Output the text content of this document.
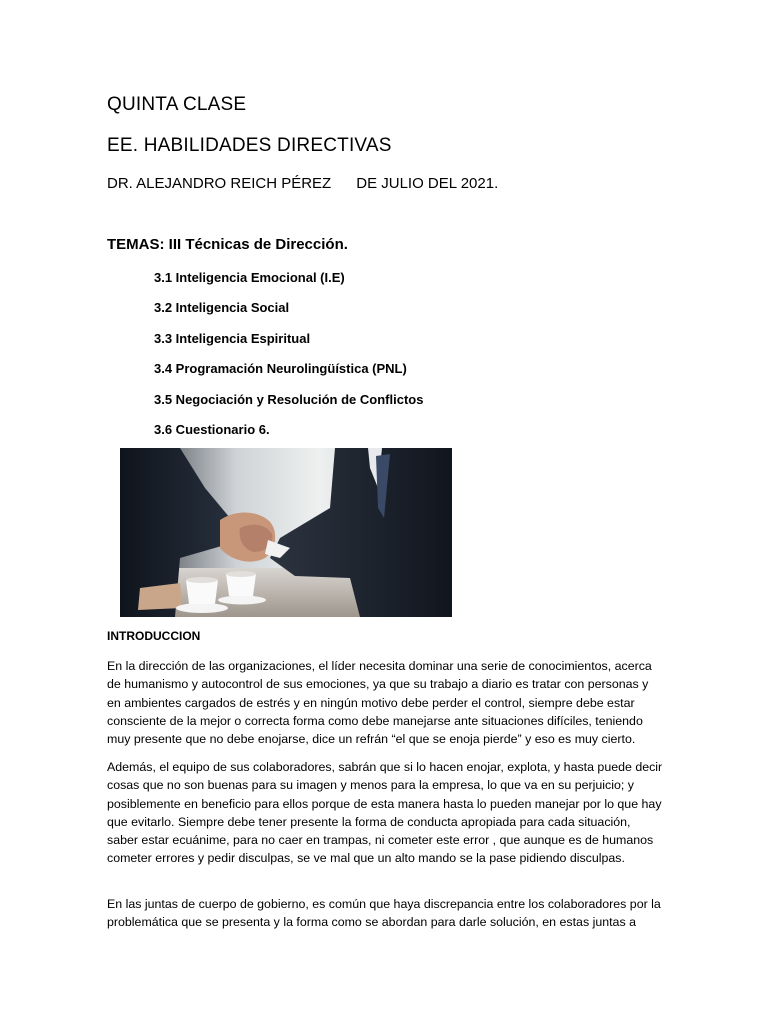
QUINTA CLASE
EE. HABILIDADES DIRECTIVAS
DR. ALEJANDRO REICH PÉREZ DE JULIO DEL 2021.
TEMAS: III Técnicas de Dirección.
3.1 Inteligencia Emocional (I.E)
3.2 Inteligencia Social
3.3 Inteligencia Espiritual
3.4 Programación Neurolingüística (PNL)
3.5 Negociación y Resolución de Conflictos
3.6 Cuestionario 6.
INTRODUCCION

En la dirección de las organizaciones, el líder necesita dominar una serie de conocimientos, acerca de humanismo y autocontrol de sus emociones, ya que su trabajo a diario es tratar con personas y en ambientes cargados de estrés y en ningún motivo debe perder el control, siempre debe estar consciente de la mejor o correcta forma como debe manejarse ante situaciones difíciles, teniendo muy presente que no debe enojarse, dice un refrán “el que se enoja pierde” y eso es muy cierto.

Además, el equipo de sus colaboradores, sabrán que si lo hacen enojar, explota, y hasta puede decir cosas que no son buenas para su imagen y menos para la empresa, lo que va en su perjuicio; y posiblemente en beneficio para ellos porque de esta manera hasta lo pueden manejar por lo que hay que evitarlo. Siempre debe tener presente la forma de conducta apropiada para cada situación, saber estar ecuánime, para no caer en trampas, ni cometer este error , que aunque es de humanos cometer errores y pedir disculpas, se ve mal que un alto mando se la pase pidiendo disculpas.

En las juntas de cuerpo de gobierno, es común que haya discrepancia entre los colaboradores por la problemática que se presenta y la forma como se abordan para darle solución, en estas juntas a
